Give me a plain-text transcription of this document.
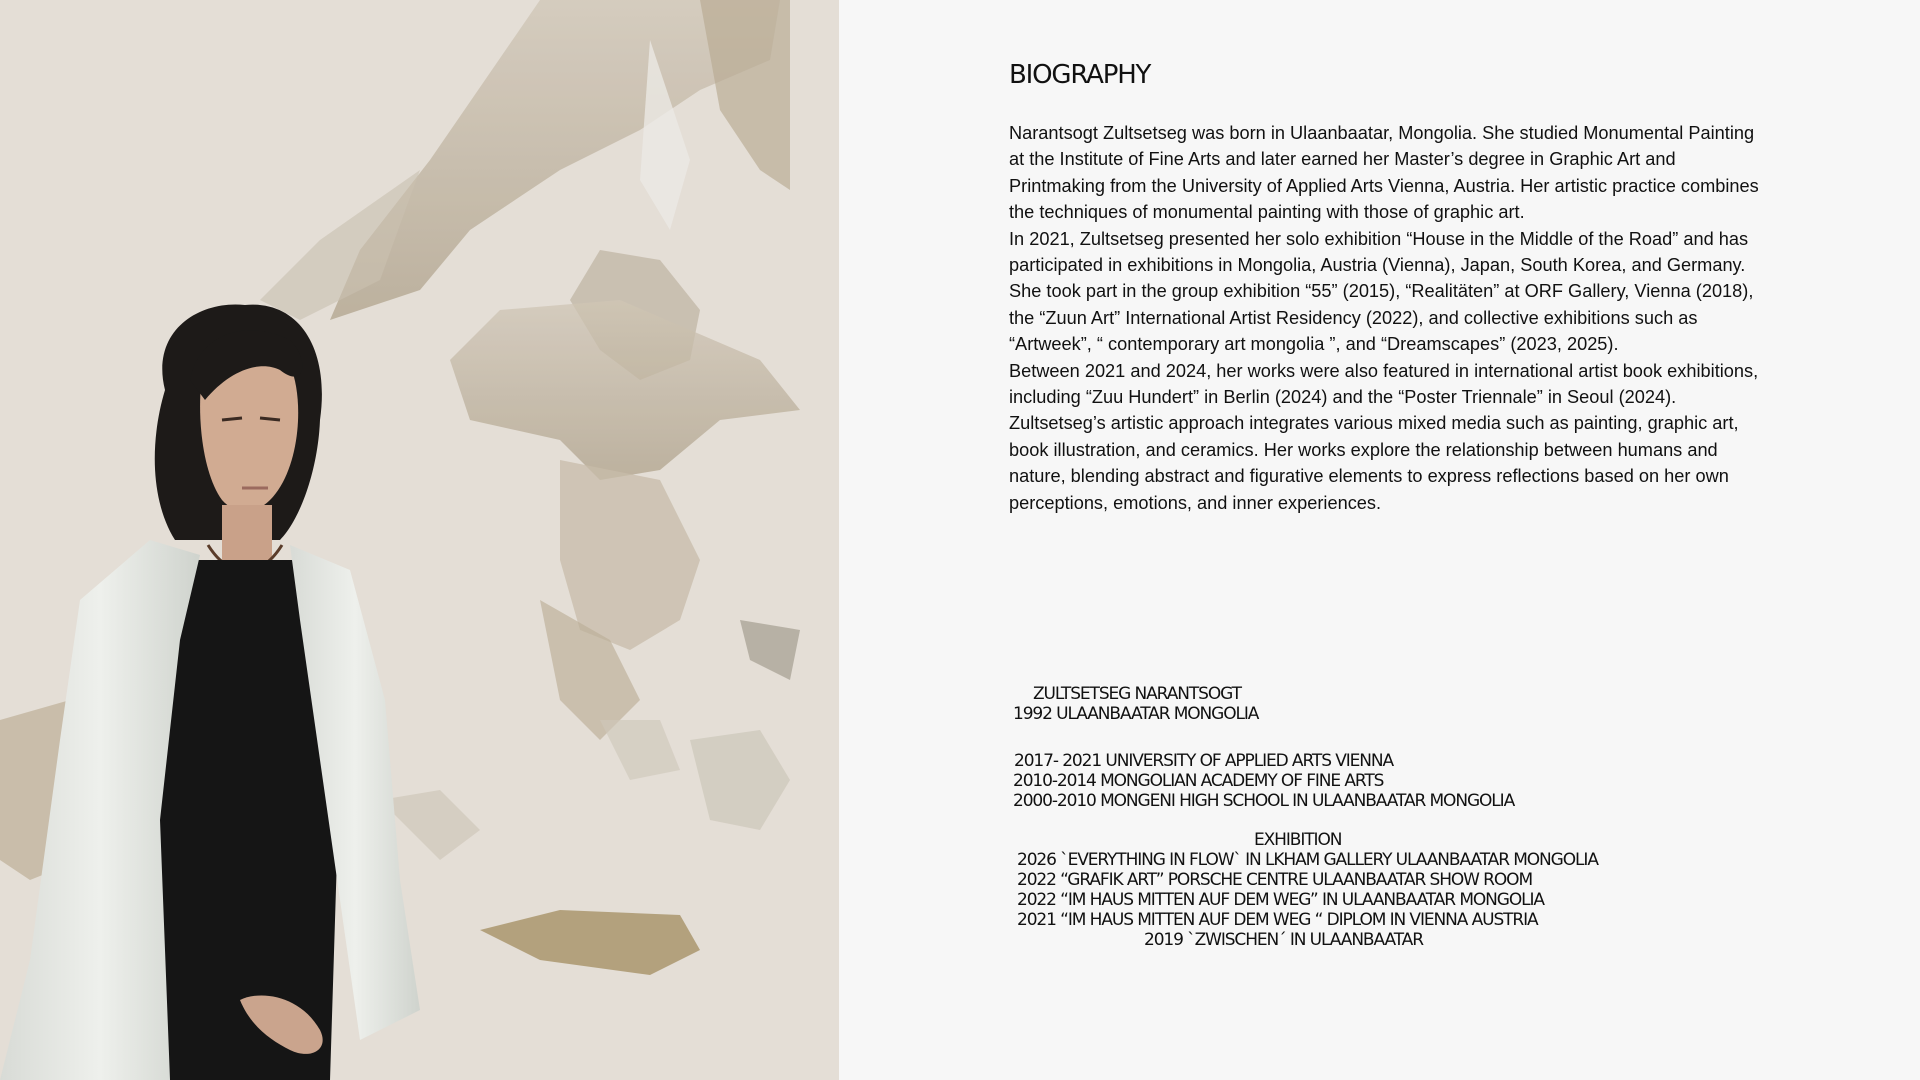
BIOGRAPHY

Narantsogt Zultsetseg was born in Ulaanbaatar, Mongolia. She studied Monumental Painting at the Institute of Fine Arts and later earned her Master’s degree in Graphic Art and Printmaking from the University of Applied Arts Vienna, Austria. Her artistic practice combines the techniques of monumental painting with those of graphic art.

In 2021, Zultsetseg presented her solo exhibition “House in the Middle of the Road” and has participated in exhibitions in Mongolia, Austria (Vienna), Japan, South Korea, and Germany. She took part in the group exhibition “55” (2015), “Realitäten” at ORF Gallery, Vienna (2018), the “Zuun Art” International Artist Residency (2022), and collective exhibitions such as “Artweek”, “ contemporary art mongolia ”, and “Dreamscapes” (2023, 2025).

Between 2021 and 2024, her works were also featured in international artist book exhibitions, including “Zuu Hundert” in Berlin (2024) and the “Poster Triennale” in Seoul (2024).

Zultsetseg’s artistic approach integrates various mixed media such as painting, graphic art, book illustration, and ceramics. Her works explore the relationship between humans and nature, blending abstract and figurative elements to express reflections based on her own perceptions, emotions, and inner experiences.

ZULTSETSEG NARANTSOGT
1992 ULAANBAATAR MONGOLIA
2017- 2021 UNIVERSITY OF APPLIED ARTS VIENNA
2010-2014 MONGOLIAN ACADEMY OF FINE ARTS
2000-2010 MONGENI HIGH SCHOOL IN ULAANBAATAR MONGOLIA
EXHIBITION
2026 `EVERYTHING IN FLOW` IN LKHAM GALLERY ULAANBAATAR MONGOLIA
2022 “GRAFIK ART” PORSCHE CENTRE ULAANBAATAR SHOW ROOM
2022 “IM HAUS MITTEN AUF DEM WEG” IN ULAANBAATAR MONGOLIA
2021 “IM HAUS MITTEN AUF DEM WEG “ DIPLOM IN VIENNA AUSTRIA
2019 `ZWISCHEN´ IN ULAANBAATAR
